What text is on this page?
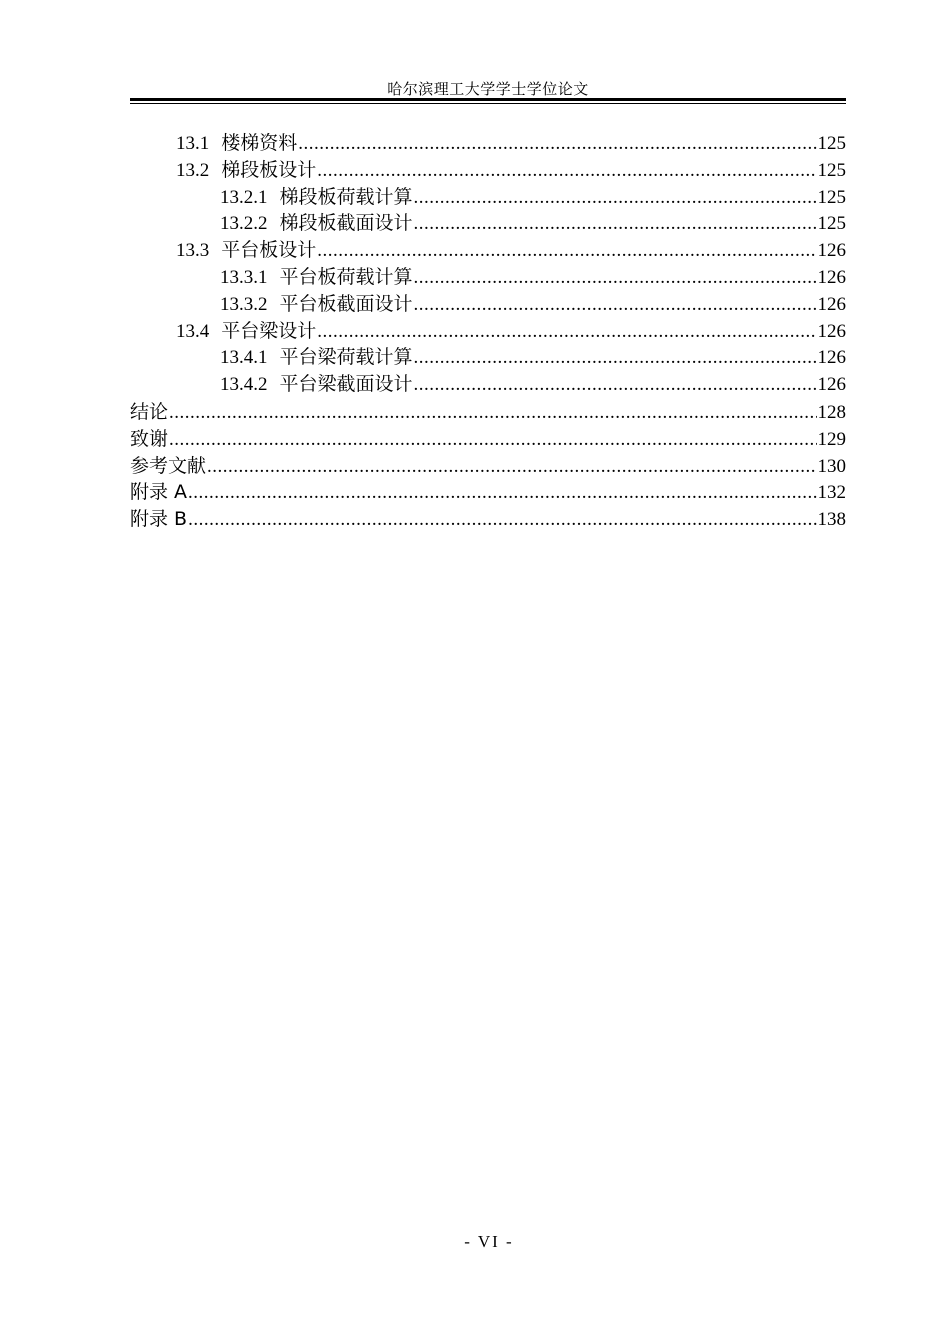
哈尔滨理工大学学士学位论文
13.1 楼梯资料 .....	125
13.2 梯段板设计 .....	125
13.2.1 梯段板荷载计算 .....	125
13.2.2 梯段板截面设计 .....	125
13.3 平台板设计 .....	126
13.3.1 平台板荷载计算 .....	126
13.3.2 平台板截面设计 .....	126
13.4 平台梁设计 .....	126
13.4.1 平台梁荷载计算 .....	126
13.4.2 平台梁截面设计 .....	126
结论 .....	128
致谢 .....	129
参考文献 .....	130
附录 A .....	132
附录 B .....	138
- VI -
